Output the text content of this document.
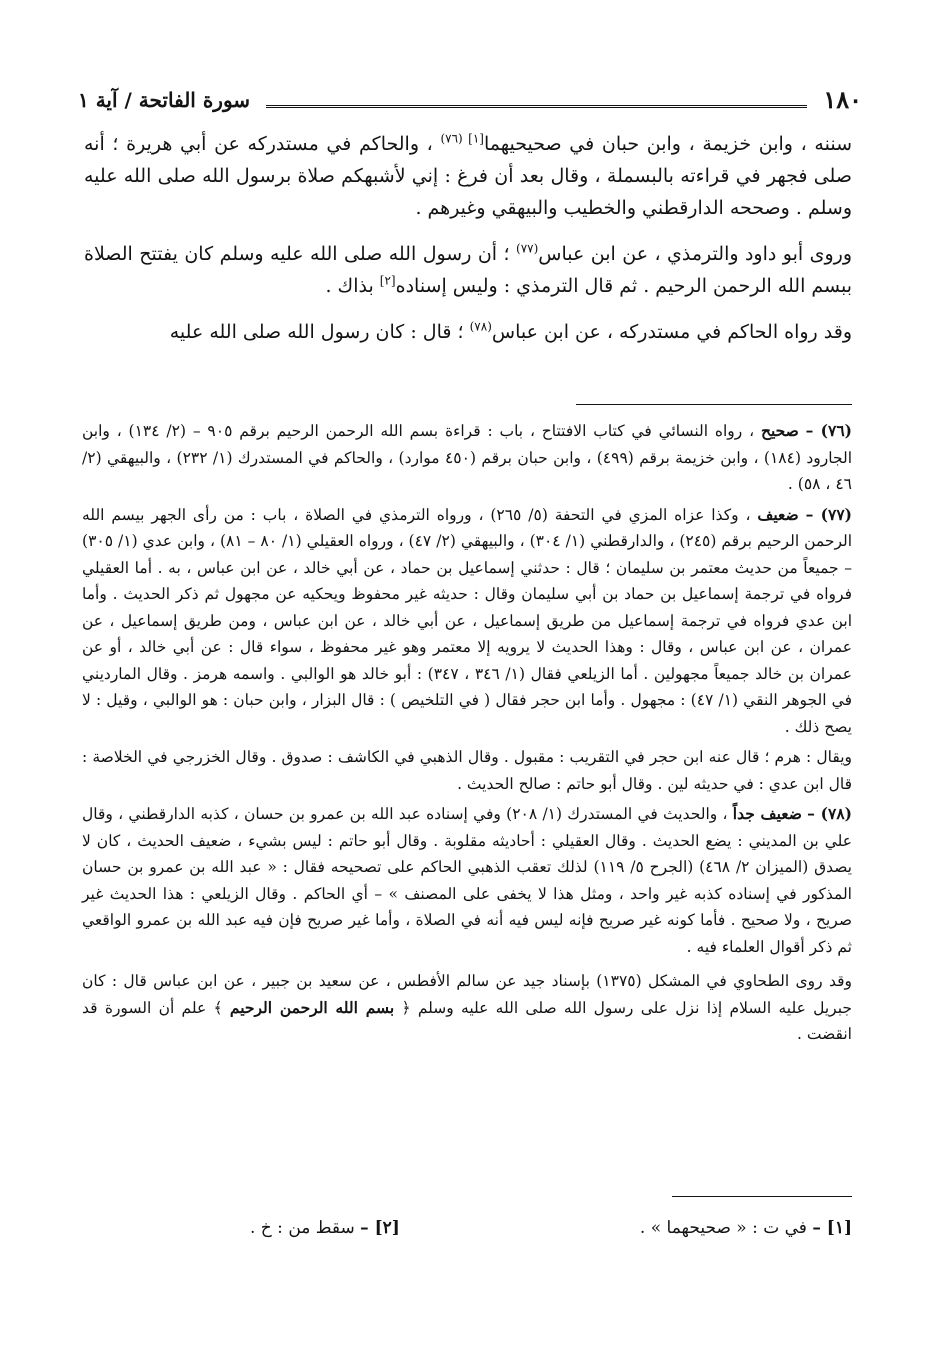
١٨٠
سورة الفاتحة / آية ١

سننه ، وابن خزيمة ، وابن حبان في صحيحيهما$^{[١] (٧٦)}$ ، والحاكم في مستدركه عن أبي هريرة ؛ أنه صلى فجهر في قراءته بالبسملة ، وقال بعد أن فرغ : إني لأشبهكم صلاة برسول الله صلى الله عليه وسلم . وصححه الدارقطني والخطيب والبيهقي وغيرهم .

وروى أبو داود والترمذي ، عن ابن عباس$^{(٧٧)}$ ؛ أن رسول الله صلى الله عليه وسلم كان يفتتح الصلاة ببسم الله الرحمن الرحيم . ثم قال الترمذي : وليس إسناده[٢] بذاك .

وقد رواه الحاكم في مستدركه ، عن ابن عباس$^{(٧٨)}$ ؛ قال : كان رسول الله صلى الله عليه

(٧٦) – صحيح ، رواه النسائي في كتاب الافتتاح ، باب : قراءة بسم الله الرحمن الرحيم برقم ٩٠٥ – (٢/ ١٣٤) ، وابن الجارود (١٨٤) ، وابن خزيمة برقم (٤٩٩) ، وابن حبان برقم (٤٥٠ موارد) ، والحاكم في المستدرك (١/ ٢٣٢) ، والبيهقي (٢/ ٤٦ ، ٥٨) .

(٧٧) – ضعيف ، وكذا عزاه المزي في التحفة (٥/ ٢٦٥) ، ورواه الترمذي في الصلاة ، باب : من رأى الجهر بيسم الله الرحمن الرحيم برقم (٢٤٥) ، والدارقطني (١/ ٣٠٤) ، والبيهقي (٢/ ٤٧) ، ورواه العقيلي (١/ ٨٠ – ٨١) ، وابن عدي (١/ ٣٠٥) – جميعاً من حديث معتمر بن سليمان ؛ قال : حدثني إسماعيل بن حماد ، عن أبي خالد ، عن ابن عباس ، به . أما العقيلي فرواه في ترجمة إسماعيل بن حماد بن أبي سليمان وقال : حديثه غير محفوظ ويحكيه عن مجهول ثم ذكر الحديث . وأما ابن عدي فرواه في ترجمة إسماعيل من طريق إسماعيل ، عن أبي خالد ، عن ابن عباس ، ومن طريق إسماعيل ، عن عمران ، عن ابن عباس ، وقال : وهذا الحديث لا يرويه إلا معتمر وهو غير محفوظ ، سواء قال : عن أبي خالد ، أو عن عمران بن خالد جميعاً مجهولين . أما الزيلعي فقال (١/ ٣٤٦ ، ٣٤٧) : أبو خالد هو الوالبي . واسمه هرمز . وقال المارديني في الجوهر النقي (١/ ٤٧) : مجهول . وأما ابن حجر فقال ( في التلخيص ) : قال البزار ، وابن حبان : هو الوالبي ، وقيل : لا يصح ذلك .

ويقال : هرم ؛ قال عنه ابن حجر في التقريب : مقبول . وقال الذهبي في الكاشف : صدوق . وقال الخزرجي في الخلاصة : قال ابن عدي : في حديثه لين . وقال أبو حاتم : صالح الحديث .

(٧٨) – ضعيف جداً ، والحديث في المستدرك (١/ ٢٠٨) وفي إسناده عبد الله بن عمرو بن حسان ، كذبه الدارقطني ، وقال علي بن المديني : يضع الحديث . وقال العقيلي : أحاديثه مقلوبة . وقال أبو حاتم : ليس بشيء ، ضعيف الحديث ، كان لا يصدق (الميزان ٢/ ٤٦٨) (الجرح ٥/ ١١٩) لذلك تعقب الذهبي الحاكم على تصحيحه فقال : « عبد الله بن عمرو بن حسان المذكور في إسناده كذبه غير واحد ، ومثل هذا لا يخفى على المصنف » – أي الحاكم . وقال الزيلعي : هذا الحديث غير صريح ، ولا صحيح . فأما كونه غير صريح فإنه ليس فيه أنه في الصلاة ، وأما غير صريح فإن فيه عبد الله بن عمرو الواقعي ثم ذكر أقوال العلماء فيه .

وقد روى الطحاوي في المشكل (١٣٧٥) بإسناد جيد عن سالم الأفطس ، عن سعيد بن جبير ، عن ابن عباس قال : كان جبريل عليه السلام إذا نزل على رسول الله صلى الله عليه وسلم ﴿ بسم الله الرحمن الرحيم ﴾ علم أن السورة قد انقضت .

[١] – في ت : « صحيحهما » .
[٢] – سقط من : خ .
